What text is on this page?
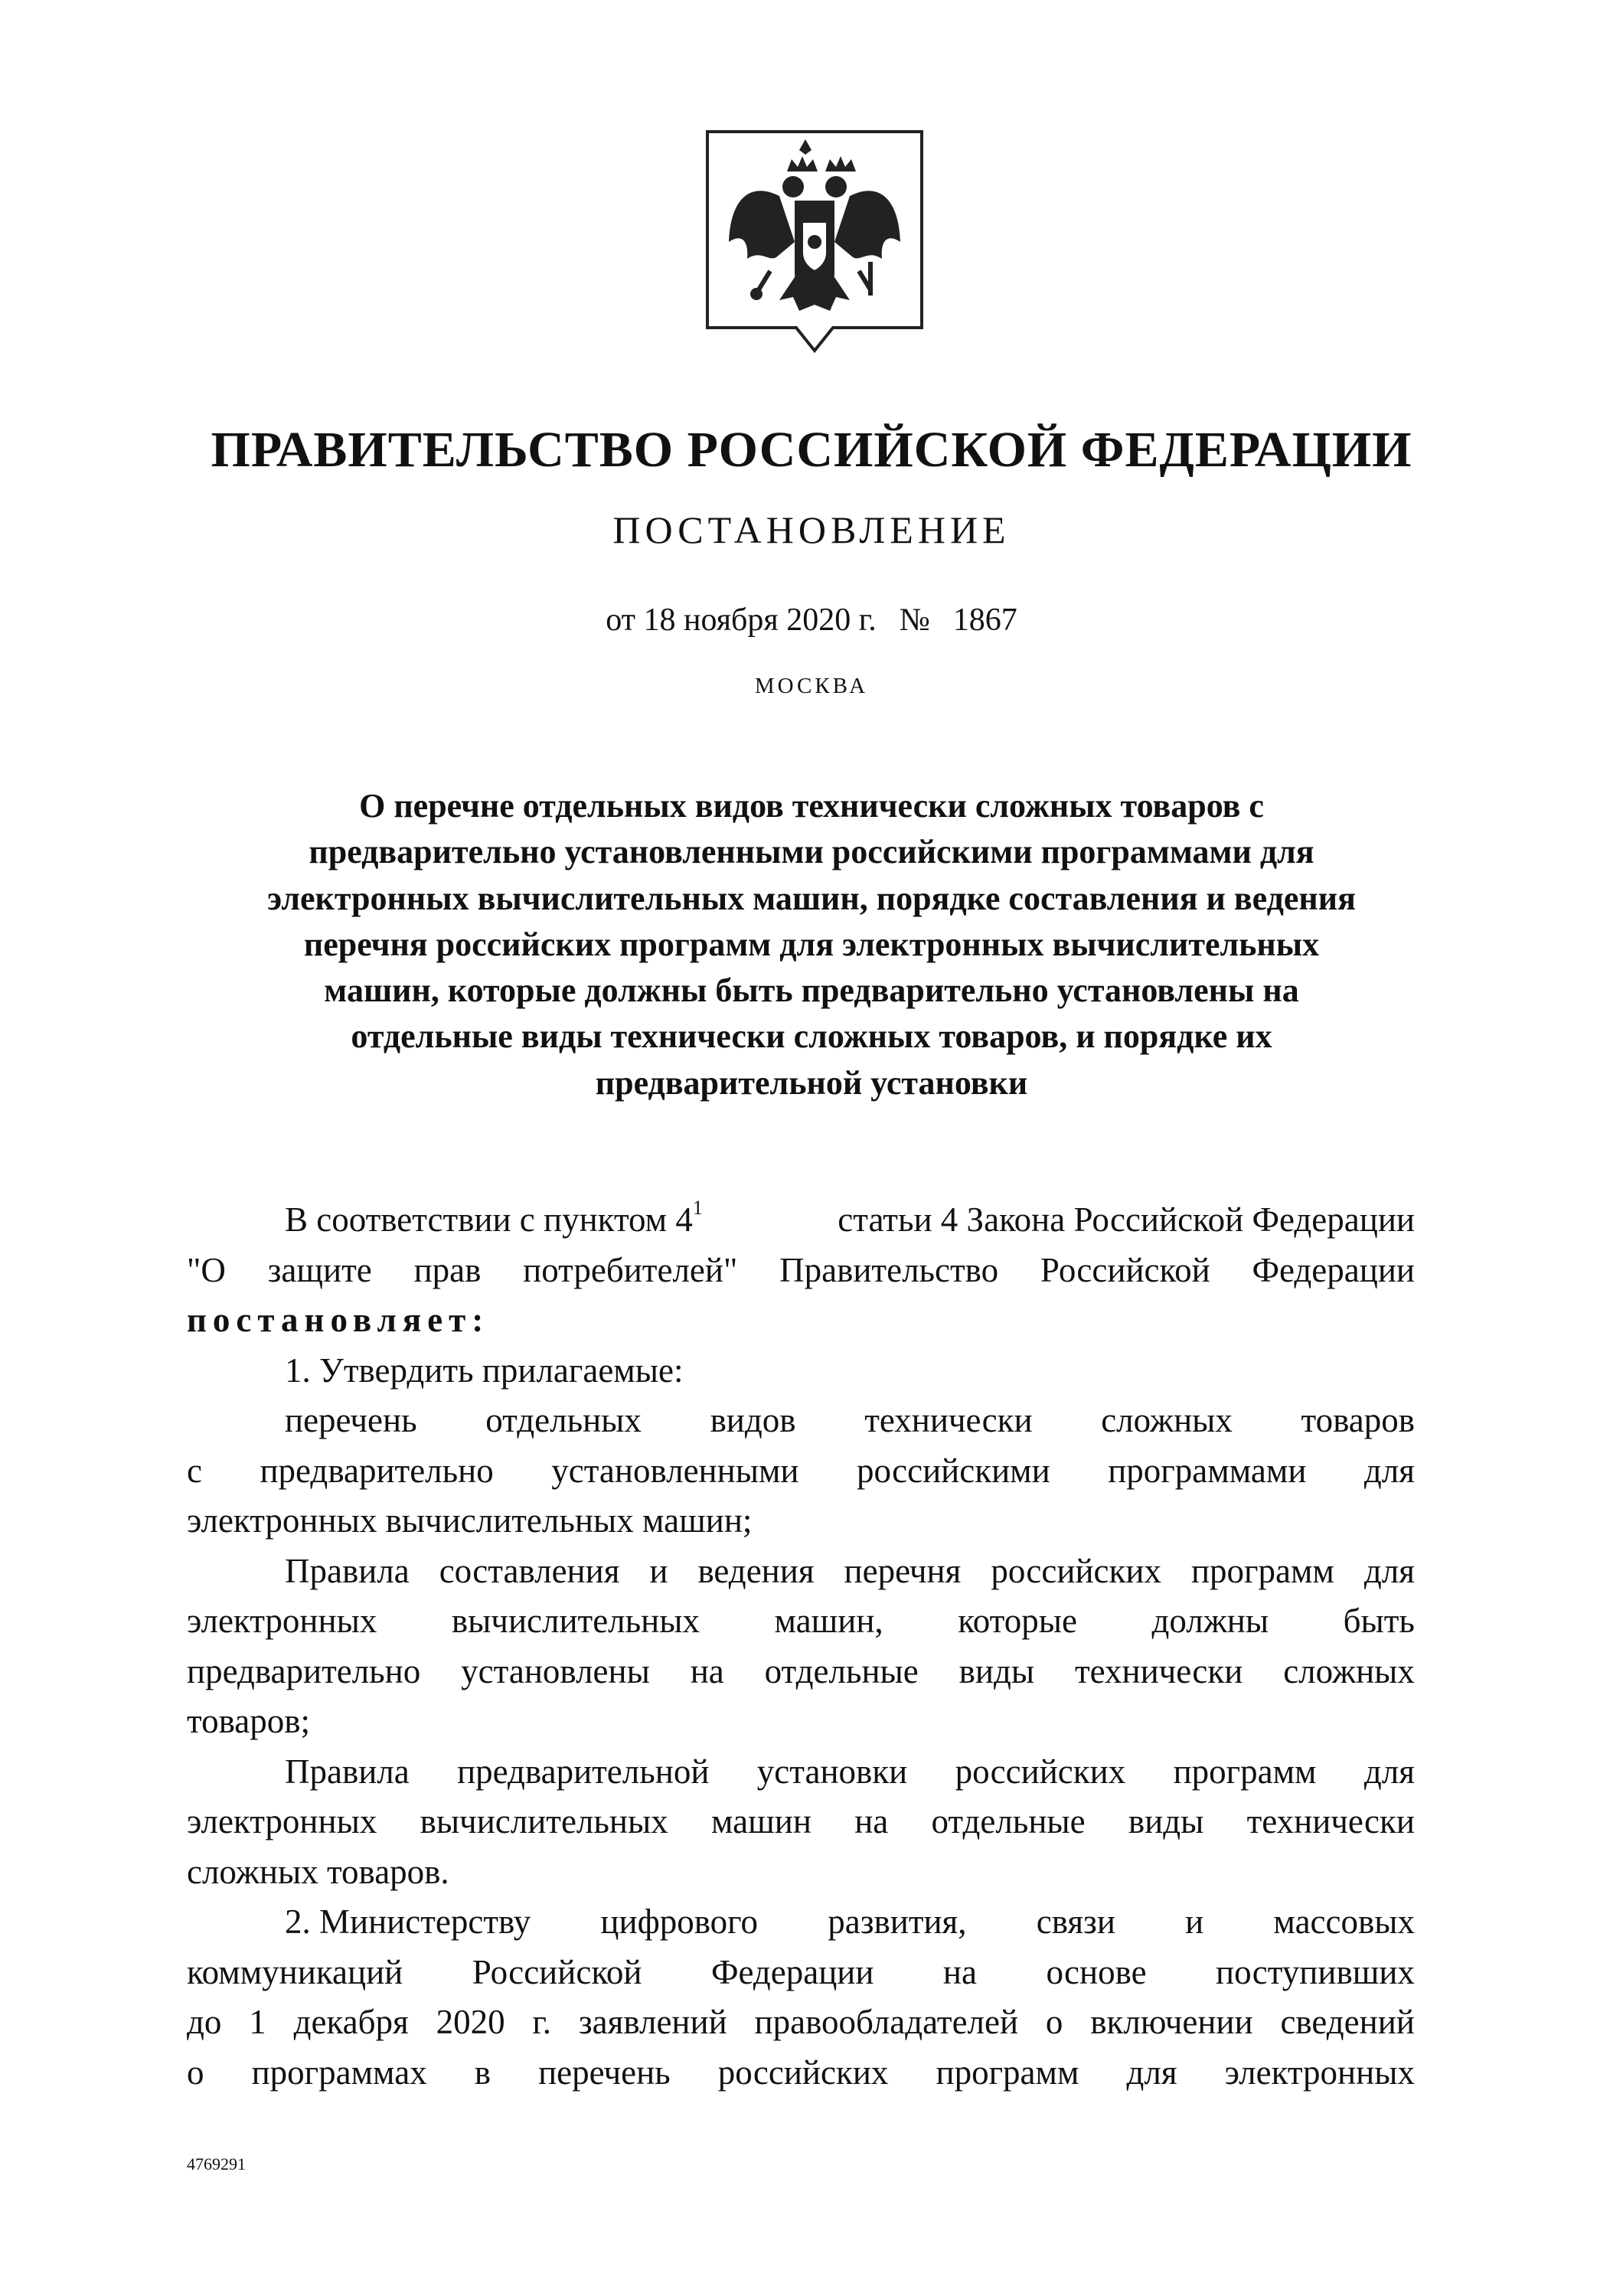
ПРАВИТЕЛЬСТВО РОССИЙСКОЙ ФЕДЕРАЦИИ
ПОСТАНОВЛЕНИЕ
от 18 ноября 2020 г. № 1867
МОСКВА
О перечне отдельных видов технически сложных товаров с
предварительно установленными российскими программами для
электронных вычислительных машин, порядке составления и ведения
перечня российских программ для электронных вычислительных
машин, которые должны быть предварительно установлены на
отдельные виды технически сложных товаров, и порядке их
предварительной установки
В соответствии с пунктом $4^1$	статьи 4 Закона Российской Федерации
"О защите прав потребителей" Правительство Российской Федерации
постановляет:
1. Утвердить прилагаемые:
перечень отдельных видов технически сложных товаров
с предварительно установленными российскими программами для
электронных вычислительных машин;
Правила составления и ведения перечня российских программ для
электронных вычислительных машин, которые должны быть
предварительно установлены на отдельные виды технически сложных
товаров;
Правила предварительной установки российских программ для
электронных вычислительных машин на отдельные виды технически
сложных товаров.
2. Министерству цифрового развития, связи и массовых
коммуникаций Российской Федерации на основе поступивших
до 1 декабря 2020 г. заявлений правообладателей о включении сведений
о программах в перечень российских программ для электронных
4769291
